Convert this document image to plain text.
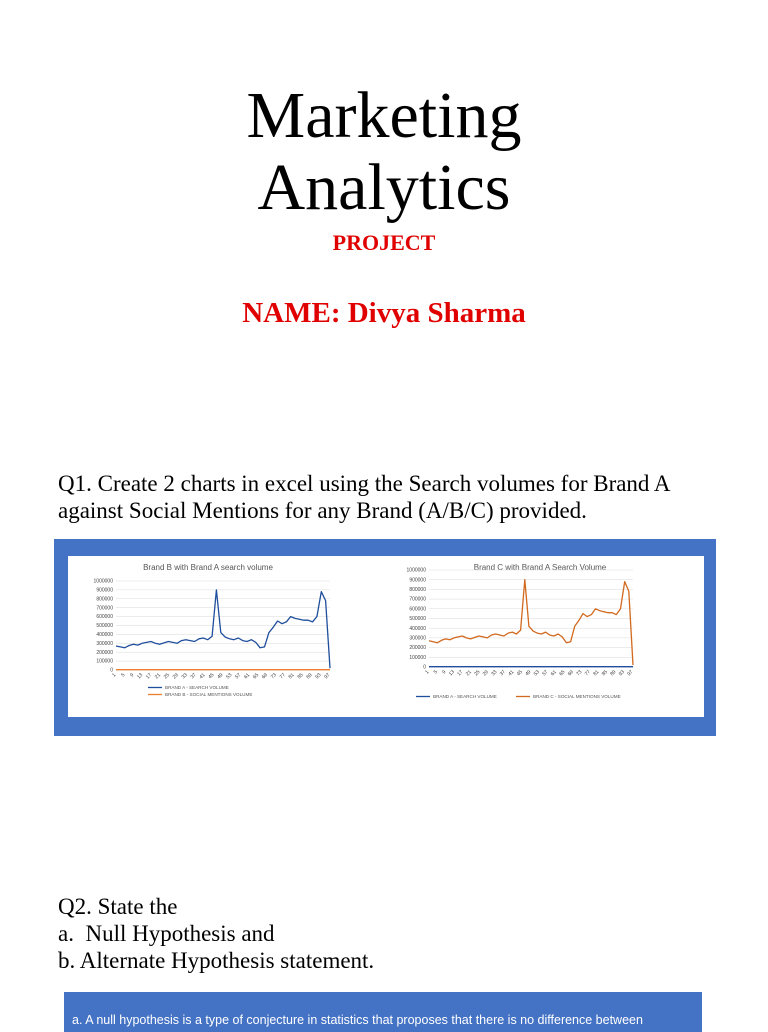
Marketing
Analytics
PROJECT
NAME: Divya Sharma
Q1. Create 2 charts in excel using the Search volumes for Brand A against Social Mentions for any Brand (A/B/C) provided.
Brand B with Brand A search volume
1000000
900000
800000
700000
600000
500000
400000
300000
200000
100000
0
1 5 9 13 17 21 25 29 33 37 41 45 49 53 57 61 65 69 73 77 81 85 89 93 97
BRAND A - SEARCH VOLUME
BRAND B - SOCIAL MENTIONS VOLUME
Brand C with Brand A Search Volume
1000000
900000
800000
700000
600000
500000
400000
300000
200000
100000
0
1 5 9 13 17 21 25 29 33 37 41 45 49 53 57 61 65 69 73 77 81 85 89 93 97
BRAND A - SEARCH VOLUME	BRAND C - SOCIAL MENTIONS VOLUME
Q2. State the
a.  Null Hypothesis and
b. Alternate Hypothesis statement.
a. A null hypothesis is a type of conjecture in statistics that proposes that there is no difference between
